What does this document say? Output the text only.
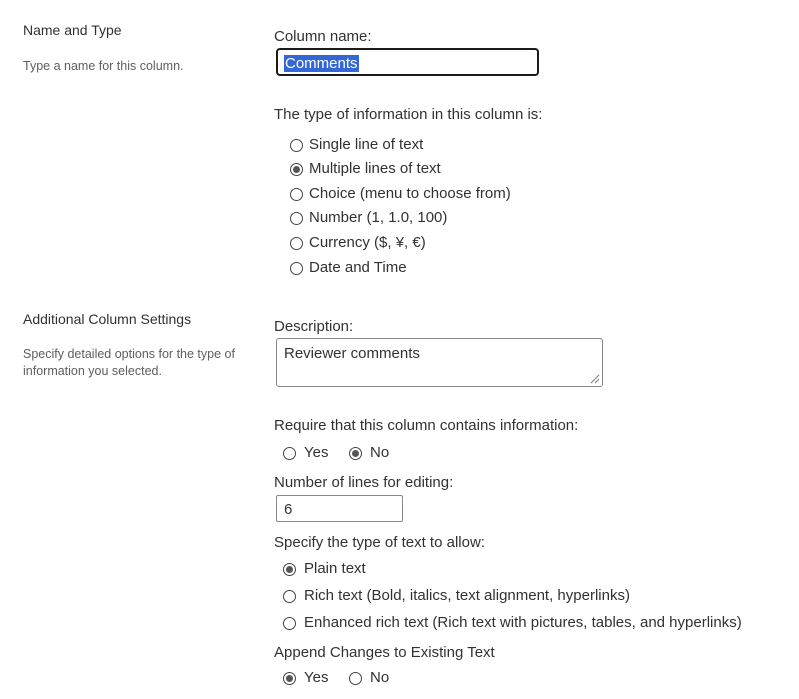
Name and Type
Type a name for this column.
Column name:
Comments
The type of information in this column is:
Single line of text
Multiple lines of text
Choice (menu to choose from)
Number (1, 1.0, 100)
Currency ($, ¥, €)
Date and Time
Additional Column Settings
Specify detailed options for the type of
information you selected.
Description:
Reviewer comments
Require that this column contains information:
Yes	No
Number of lines for editing:
6
Specify the type of text to allow:
Plain text
Rich text (Bold, italics, text alignment, hyperlinks)
Enhanced rich text (Rich text with pictures, tables, and hyperlinks)
Append Changes to Existing Text
Yes	No
